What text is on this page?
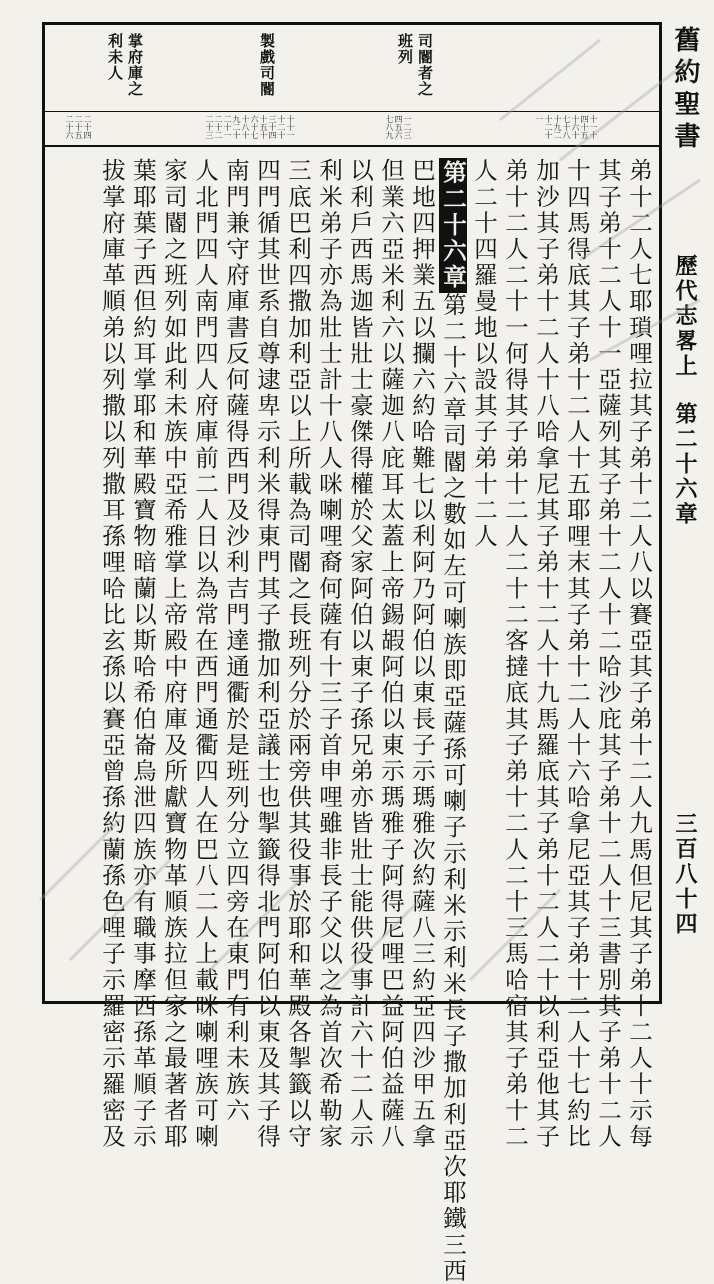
司閽者之
班列
製戲司閽
掌府庫之
利未人
十一十四十五十六十七十八十九二十二十一
一二三四五六七八九
十十一十二十三十四十五十六十七十八十九二十二十一二十二二十三
二十四二十五二十六
弟十二人七耶瑣哩拉其子弟十二人八以賽亞其子弟十二人九馬但尼其子弟十二人十示每
其子弟十二人十一亞薩列其子弟十二人十二哈沙庇其子弟十二人十三書別其子弟十二人
十四馬得底其子弟十二人十五耶哩末其子弟十二人十六哈拿尼亞其子弟十二人十七約比
加沙其子弟十二人十八哈拿尼其子弟十二人十九馬羅底其子弟十二人二十以利亞他其子
弟十二人二十一何得其子弟十二人二十二客撻底其子弟十二人二十三馬哈宿其子弟十二
人二十四羅曼地以設其子弟十二人
第二十六章第二十六章司閽之數如左可喇族即亞薩孫可喇子示利米示利米長子撒加利亞次耶鐵三西
巴地四押業五以攔六約哈難七以利阿乃阿伯以東長子示瑪雅次約薩八三約亞四沙甲五拿
但業六亞米利六以薩迦八庇耳太蓋上帝錫嘏阿伯以東示瑪雅子阿得尼哩巴益阿伯益薩八
以利戶西馬迦皆壯士豪傑得權於父家阿伯以東子孫兄弟亦皆壯士能供役事計六十二人示
利米弟子亦為壯士計十八人咪喇哩裔何薩有十三子首申哩雖非長子父以之為首次希勒家
三底巴利四撒加利亞以上所載為司閽之長班列分於兩旁供其役事於耶和華殿各掣籤以守
四門循其世系自尊逮卑示利米得東門其子撒加利亞議士也掣籤得北門阿伯以東及其子得
南門兼守府庫書反何薩得西門及沙利吉門達通衢於是班列分立四旁在東門有利未族六
人北門四人南門四人府庫前二人日以為常在西門通衢四人在巴八二人上載咪喇哩族可喇
家司閽之班列如此利未族中亞希雅掌上帝殿中府庫及所獻寶物革順族拉但家之最著者耶
葉耶葉子西但約耳掌耶和華殿寶物暗蘭以斯哈希伯崙烏泄四族亦有職事摩西孫革順子示
拔掌府庫革順弟以列撒以列撒耳孫哩哈比玄孫以賽亞曾孫約蘭孫色哩子示羅密示羅密及
舊約聖書
歷代志畧上
第二十六章
三百八十四
